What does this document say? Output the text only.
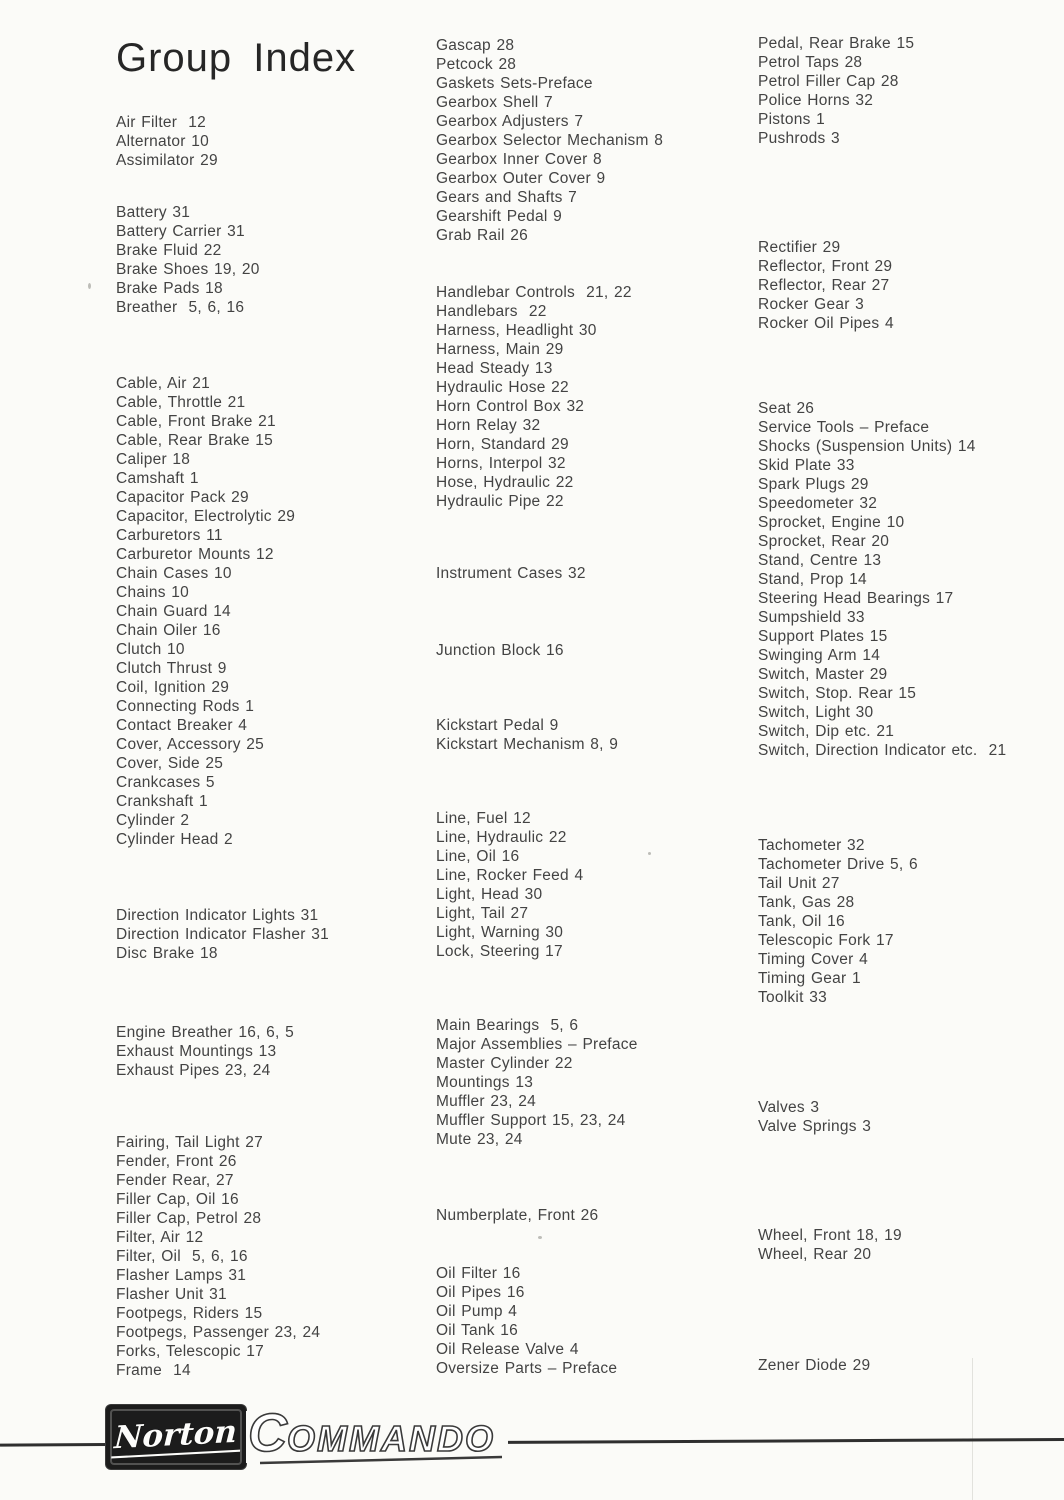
Group Index
Air Filter  12
Alternator 10
Assimilator 29
Battery 31
Battery Carrier 31
Brake Fluid 22
Brake Shoes 19, 20
Brake Pads 18
Breather  5, 6, 16
Cable, Air 21
Cable, Throttle 21
Cable, Front Brake 21
Cable, Rear Brake 15
Caliper 18
Camshaft 1
Capacitor Pack 29
Capacitor, Electrolytic 29
Carburetors 11
Carburetor Mounts 12
Chain Cases 10
Chains 10
Chain Guard 14
Chain Oiler 16
Clutch 10
Clutch Thrust 9
Coil, Ignition 29
Connecting Rods 1
Contact Breaker 4
Cover, Accessory 25
Cover, Side 25
Crankcases 5
Crankshaft 1
Cylinder 2
Cylinder Head 2
Direction Indicator Lights 31
Direction Indicator Flasher 31
Disc Brake 18
Engine Breather 16, 6, 5
Exhaust Mountings 13
Exhaust Pipes 23, 24
Fairing, Tail Light 27
Fender, Front 26
Fender Rear, 27
Filler Cap, Oil 16
Filler Cap, Petrol 28
Filter, Air 12
Filter, Oil  5, 6, 16
Flasher Lamps 31
Flasher Unit 31
Footpegs, Riders 15
Footpegs, Passenger 23, 24
Forks, Telescopic 17
Frame  14
Gascap 28
Petcock 28
Gaskets Sets-Preface
Gearbox Shell 7
Gearbox Adjusters 7
Gearbox Selector Mechanism 8
Gearbox Inner Cover 8
Gearbox Outer Cover 9
Gears and Shafts 7
Gearshift Pedal 9
Grab Rail 26
Handlebar Controls  21, 22
Handlebars  22
Harness, Headlight 30
Harness, Main 29
Head Steady 13
Hydraulic Hose 22
Horn Control Box 32
Horn Relay 32
Horn, Standard 29
Horns, Interpol 32
Hose, Hydraulic 22
Hydraulic Pipe 22
Instrument Cases 32
Junction Block 16
Kickstart Pedal 9
Kickstart Mechanism 8, 9
Line, Fuel 12
Line, Hydraulic 22
Line, Oil 16
Line, Rocker Feed 4
Light, Head 30
Light, Tail 27
Light, Warning 30
Lock, Steering 17
Main Bearings  5, 6
Major Assemblies – Preface
Master Cylinder 22
Mountings 13
Muffler 23, 24
Muffler Support 15, 23, 24
Mute 23, 24
Numberplate, Front 26
Oil Filter 16
Oil Pipes 16
Oil Pump 4
Oil Tank 16
Oil Release Valve 4
Oversize Parts – Preface
Pedal, Rear Brake 15
Petrol Taps 28
Petrol Filler Cap 28
Police Horns 32
Pistons 1
Pushrods 3
Rectifier 29
Reflector, Front 29
Reflector, Rear 27
Rocker Gear 3
Rocker Oil Pipes 4
Seat 26
Service Tools – Preface
Shocks (Suspension Units) 14
Skid Plate 33
Spark Plugs 29
Speedometer 32
Sprocket, Engine 10
Sprocket, Rear 20
Stand, Centre 13
Stand, Prop 14
Steering Head Bearings 17
Sumpshield 33
Support Plates 15
Swinging Arm 14
Switch, Master 29
Switch, Stop. Rear 15
Switch, Light 30
Switch, Dip etc. 21
Switch, Direction Indicator etc.  21
Tachometer 32
Tachometer Drive 5, 6
Tail Unit 27
Tank, Gas 28
Tank, Oil 16
Telescopic Fork 17
Timing Cover 4
Timing Gear 1
Toolkit 33
Valves 3
Valve Springs 3
Wheel, Front 18, 19
Wheel, Rear 20
Zener Diode 29
Norton COMMANDO
